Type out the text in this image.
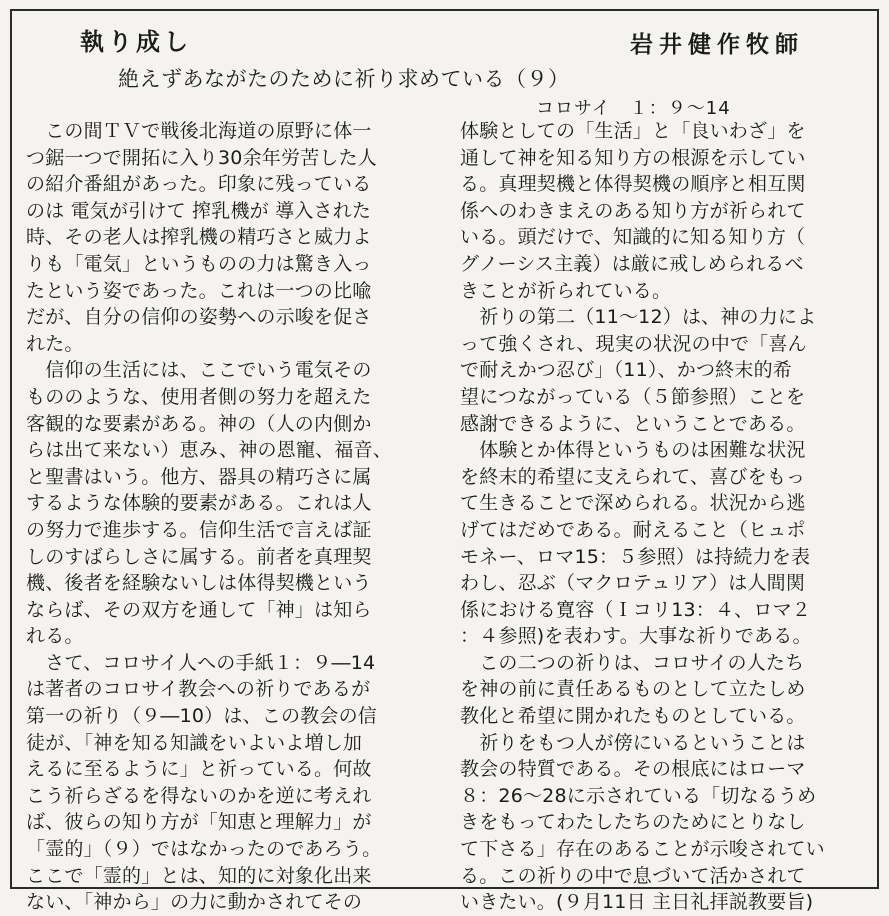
執り成し	岩井健作牧師
絶えずあながたのために祈り求めている（９）
コロサイ　１：９〜14
　この間ＴＶで戦後北海道の原野に体一
つ鋸一つで開拓に入り30余年労苦した人
の紹介番組があった。印象に残っている
のは 電気が引けて 搾乳機が 導入された
時、その老人は搾乳機の精巧さと威力よ
りも「電気」というものの力は驚き入っ
たという姿であった。これは一つの比喩
だが、自分の信仰の姿勢への示唆を促さ
れた。
　信仰の生活には、ここでいう電気その
もののような、使用者側の努力を超えた
客観的な要素がある。神の（人の内側か
らは出て来ない）恵み、神の恩寵、福音、
と聖書はいう。他方、器具の精巧さに属
するような体験的要素がある。これは人
の努力で進歩する。信仰生活で言えば証
しのすばらしさに属する。前者を真理契
機、後者を経験ないしは体得契機という
ならば、その双方を通して「神」は知ら
れる。
　さて、コロサイ人への手紙１：９―14
は著者のコロサイ教会への祈りであるが
第一の祈り（９―10）は、この教会の信
徒が、「神を知る知識をいよいよ増し加
えるに至るように」と祈っている。何故
こう祈らざるを得ないのかを逆に考えれ
ば、彼らの知り方が「知恵と理解力」が
「霊的」（９）ではなかったのであろう。
ここで「霊的」とは、知的に対象化出来
ない、「神から」の力に動かされてその
体験としての「生活」と「良いわざ」を
通して神を知る知り方の根源を示してい
る。真理契機と体得契機の順序と相互関
係へのわきまえのある知り方が祈られて
いる。頭だけで、知識的に知る知り方（
グノーシス主義）は厳に戒しめられるべ
きことが祈られている。
　祈りの第二（11〜12）は、神の力によ
って強くされ、現実の状況の中で「喜ん
で耐えかつ忍び」（11）、かつ終末的希
望につながっている（５節参照）ことを
感謝できるように、ということである。
　体験とか体得というものは困難な状況
を終末的希望に支えられて、喜びをもっ
て生きることで深められる。状況から逃
げてはだめである。耐えること（ヒュポ
モネー、ロマ15：５参照）は持続力を表
わし、忍ぶ（マクロテュリア）は人間関
係における寛容（Ｉコリ13：４、ロマ２
：４参照)を表わす。大事な祈りである。
　この二つの祈りは、コロサイの人たち
を神の前に責任あるものとして立たしめ
教化と希望に開かれたものとしている。
　祈りをもつ人が傍にいるということは
教会の特質である。その根底にはローマ
８：26〜28に示されている「切なるうめ
きをもってわたしたちのためにとりなし
て下さる」存在のあることが示唆されてい
る。この祈りの中で息づいて活かされて
いきたい。(９月11日 主日礼拝説教要旨)
